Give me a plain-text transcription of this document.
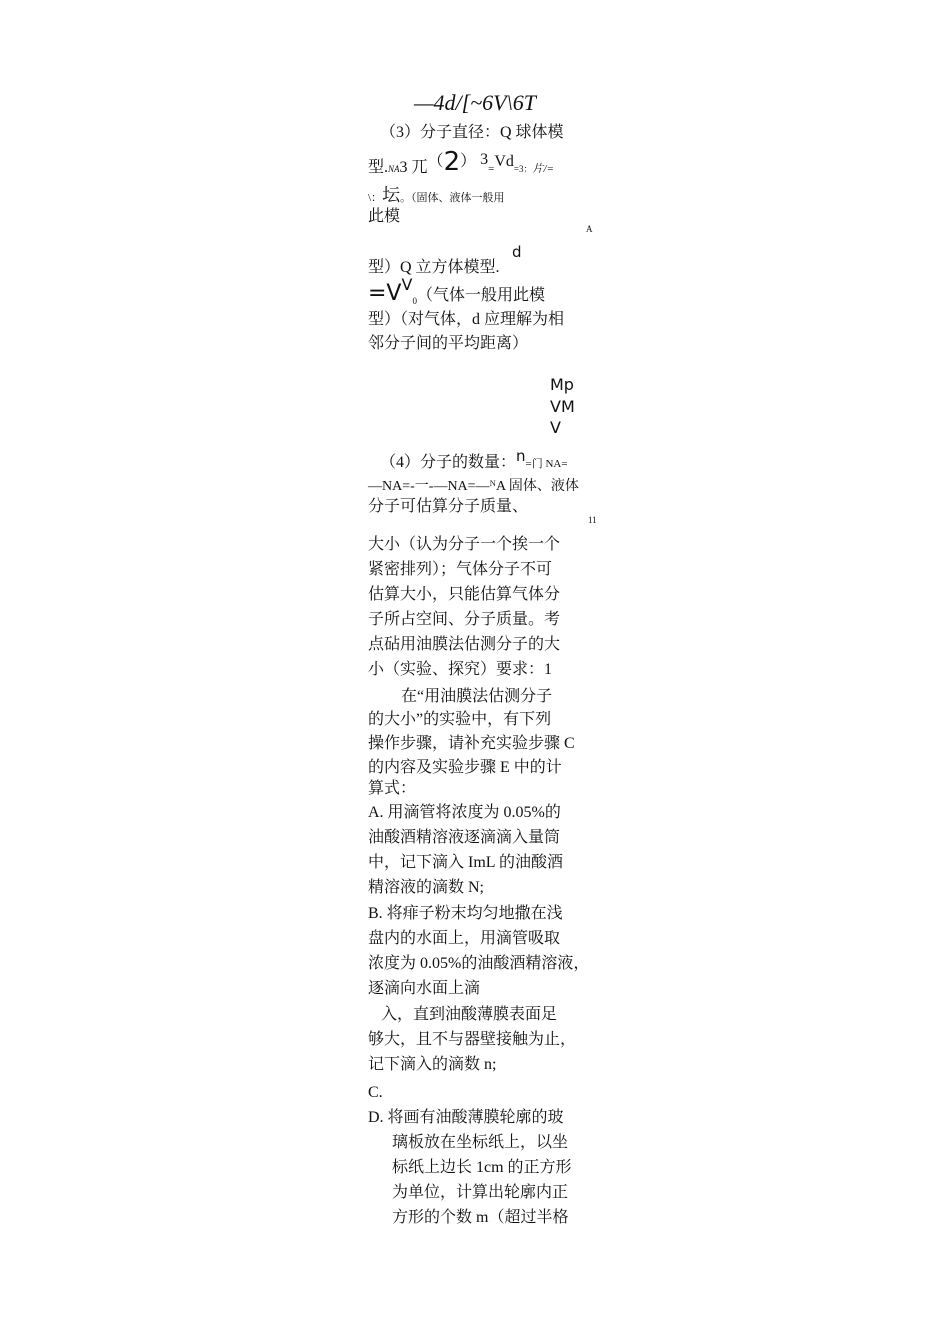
—4d/[~6V\6T
（3）分子直径：Q 球体模
型.NA3 兀（2） 3=Vd=3：片/=
\：坛。（固体、液体一般用
此模
A
型）Q 立方体模型.
d
$=VV_0$（气体一般用此模
型）（对气体，d 应理解为相
邻分子间的平均距离）
Mp
VM
V
（4）分子的数量：n=门 NA=
—NA=-一-—NA=—ᴺA 固体、液体
分子可估算分子质量、
11
大小（认为分子一个挨一个
紧密排列）；气体分子不可
估算大小，只能估算气体分
子所占空间、分子质量。考
点砧用油膜法估测分子的大
小（实验、探究）要求：1
在“用油膜法估测分子
的大小”的实验中，有下列
操作步骤，请补充实验步骤 C
的内容及实验步骤 E 中的计
算式：
A. 用滴管将浓度为 0.05%的
油酸酒精溶液逐滴滴入量筒
中，记下滴入 ImL 的油酸酒
精溶液的滴数 N;
B. 将痱子粉末均匀地撒在浅
盘内的水面上，用滴管吸取
浓度为 0.05%的油酸酒精溶液，
逐滴向水面上滴
入，直到油酸薄膜表面足
够大，且不与器壁接触为止，
记下滴入的滴数 n;
C.
D. 将画有油酸薄膜轮廓的玻
璃板放在坐标纸上，以坐
标纸上边长 1cm 的正方形
为单位，计算出轮廓内正
方形的个数 m（超过半格
